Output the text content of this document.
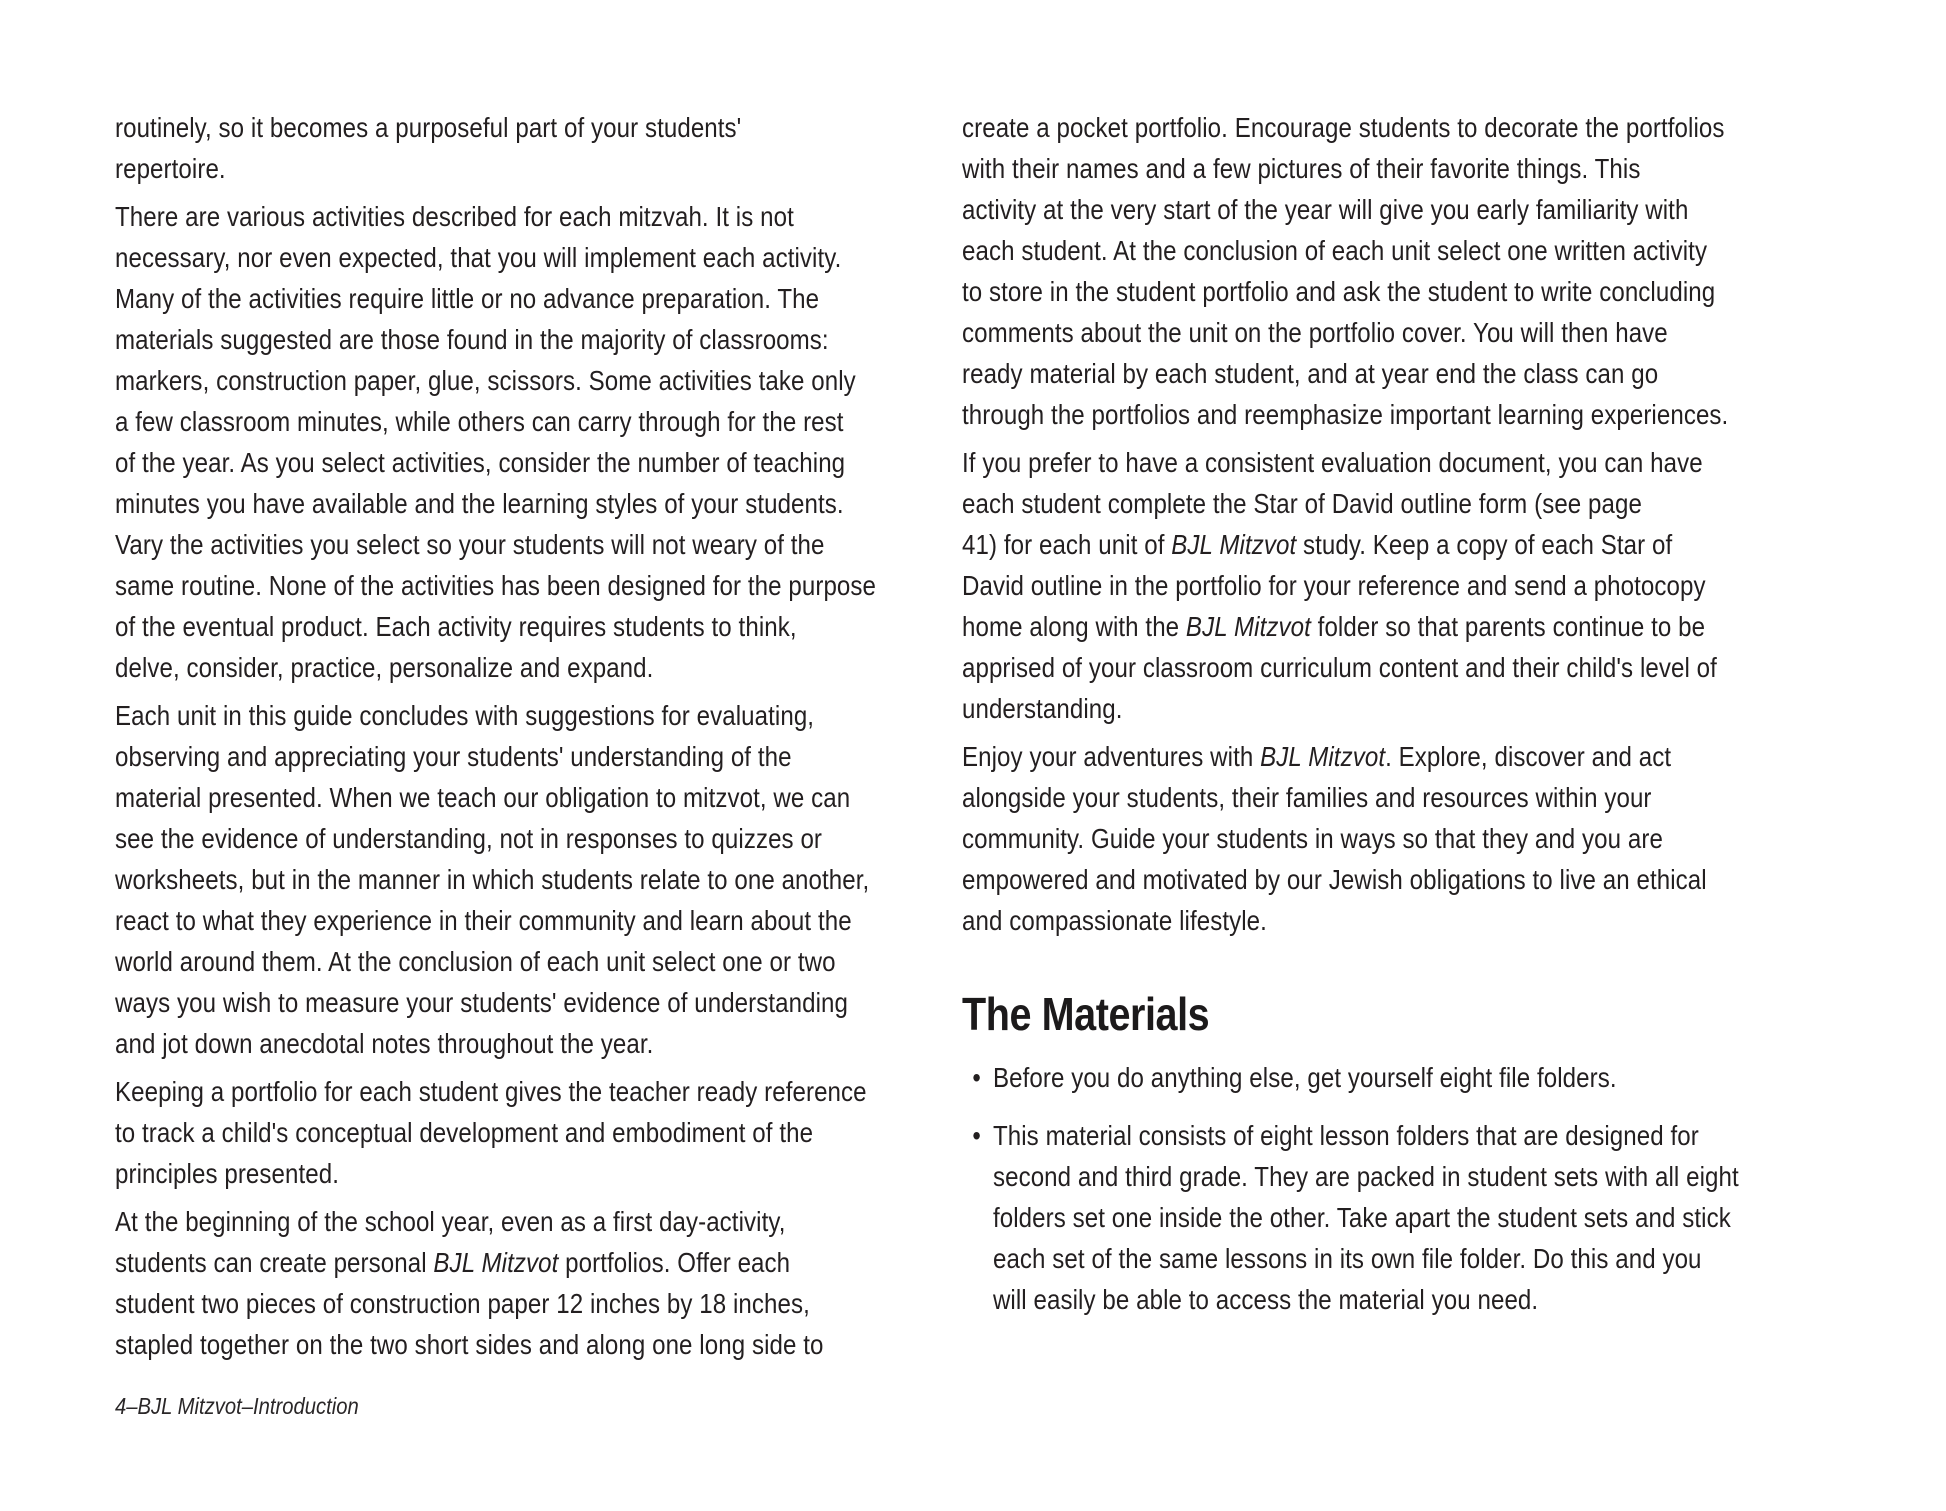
routinely, so it becomes a purposeful part of your students'
repertoire.

There are various activities described for each mitzvah. It is not
necessary, nor even expected, that you will implement each activity.
Many of the activities require little or no advance preparation. The
materials suggested are those found in the majority of classrooms:
markers, construction paper, glue, scissors. Some activities take only
a few classroom minutes, while others can carry through for the rest
of the year. As you select activities, consider the number of teaching
minutes you have available and the learning styles of your students.
Vary the activities you select so your students will not weary of the
same routine. None of the activities has been designed for the purpose
of the eventual product. Each activity requires students to think,
delve, consider, practice, personalize and expand.

Each unit in this guide concludes with suggestions for evaluating,
observing and appreciating your students' understanding of the
material presented. When we teach our obligation to mitzvot, we can
see the evidence of understanding, not in responses to quizzes or
worksheets, but in the manner in which students relate to one another,
react to what they experience in their community and learn about the
world around them. At the conclusion of each unit select one or two
ways you wish to measure your students' evidence of understanding
and jot down anecdotal notes throughout the year.

Keeping a portfolio for each student gives the teacher ready reference
to track a child's conceptual development and embodiment of the
principles presented.

At the beginning of the school year, even as a first day-activity,
students can create personal BJL Mitzvot portfolios. Offer each
student two pieces of construction paper 12 inches by 18 inches,
stapled together on the two short sides and along one long side to

create a pocket portfolio. Encourage students to decorate the portfolios
with their names and a few pictures of their favorite things. This
activity at the very start of the year will give you early familiarity with
each student. At the conclusion of each unit select one written activity
to store in the student portfolio and ask the student to write concluding
comments about the unit on the portfolio cover. You will then have
ready material by each student, and at year end the class can go
through the portfolios and reemphasize important learning experiences.

If you prefer to have a consistent evaluation document, you can have
each student complete the Star of David outline form (see page
41) for each unit of BJL Mitzvot study. Keep a copy of each Star of
David outline in the portfolio for your reference and send a photocopy
home along with the BJL Mitzvot folder so that parents continue to be
apprised of your classroom curriculum content and their child's level of
understanding.

Enjoy your adventures with BJL Mitzvot. Explore, discover and act
alongside your students, their families and resources within your
community. Guide your students in ways so that they and you are
empowered and motivated by our Jewish obligations to live an ethical
and compassionate lifestyle.

The Materials
• Before you do anything else, get yourself eight file folders.
• This material consists of eight lesson folders that are designed for
second and third grade. They are packed in student sets with all eight
folders set one inside the other. Take apart the student sets and stick
each set of the same lessons in its own file folder. Do this and you
will easily be able to access the material you need.
4–BJL Mitzvot–Introduction
